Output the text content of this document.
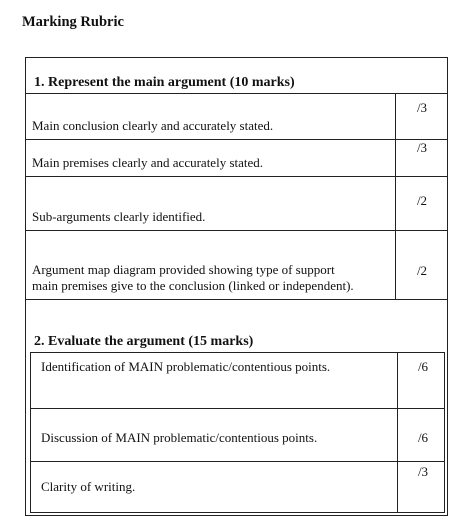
Marking Rubric
1. Represent the main argument (10 marks)
Main conclusion clearly and accurately stated.
/3
Main premises clearly and accurately stated.
/3
Sub-arguments clearly identified.
/2
Argument map diagram provided showing type of support
main premises give to the conclusion (linked or independent).
/2
2. Evaluate the argument (15 marks)
Identification of MAIN problematic/contentious points.	/6
Discussion of MAIN problematic/contentious points.	/6
Clarity of writing.
/3
